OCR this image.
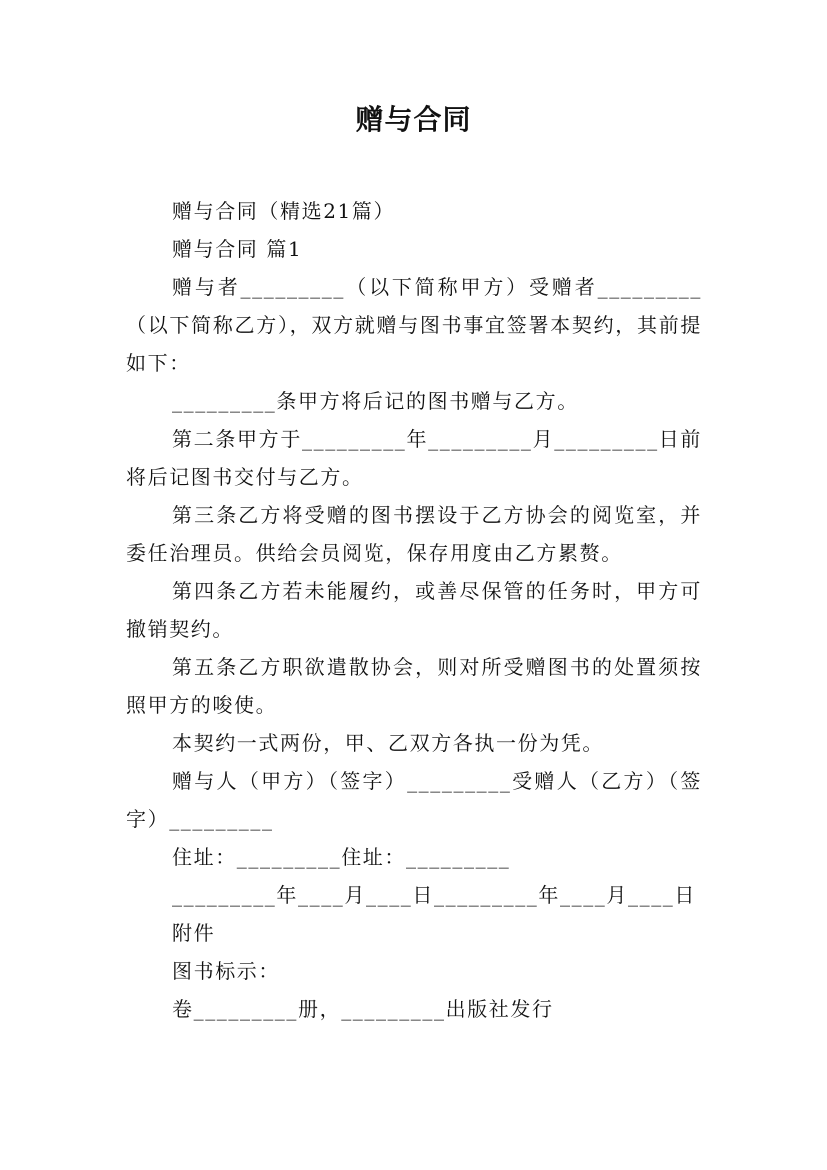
赠与合同

赠与合同（精选21篇）

赠与合同 篇1

赠与者_________（以下简称甲方）受赠者_________（以下简称乙方），双方就赠与图书事宜签署本契约，其前提如下：

_________条甲方将后记的图书赠与乙方。

第二条甲方于_________年_________月_________日前将后记图书交付与乙方。

第三条乙方将受赠的图书摆设于乙方协会的阅览室，并委任治理员。供给会员阅览，保存用度由乙方累赘。

第四条乙方若未能履约，或善尽保管的任务时，甲方可撤销契约。

第五条乙方职欲遣散协会，则对所受赠图书的处置须按照甲方的唆使。

本契约一式两份，甲、乙双方各执一份为凭。

赠与人（甲方）（签字）_________受赠人（乙方）（签字）_________

住址：_________住址：_________

_________年____月____日_________年____月____日

附件

图书标示：

卷_________册，_________出版社发行
